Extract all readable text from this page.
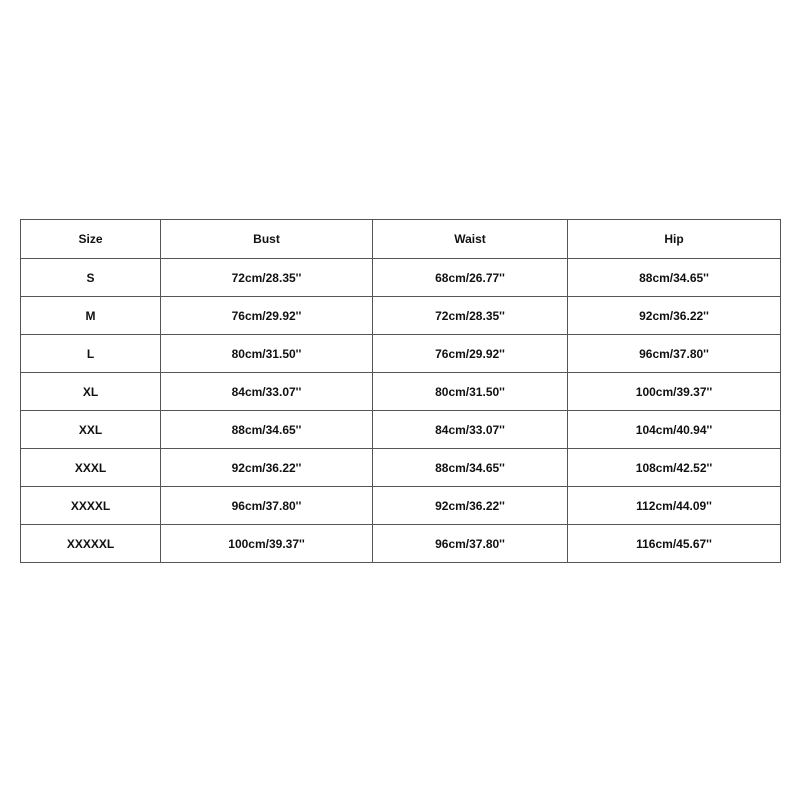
Size	Bust	Waist	Hip
S	72cm/28.35''	68cm/26.77''	88cm/34.65''
M	76cm/29.92''	72cm/28.35''	92cm/36.22''
L	80cm/31.50''	76cm/29.92''	96cm/37.80''
XL	84cm/33.07''	80cm/31.50''	100cm/39.37''
XXL	88cm/34.65''	84cm/33.07''	104cm/40.94''
XXXL	92cm/36.22''	88cm/34.65''	108cm/42.52''
XXXXL	96cm/37.80''	92cm/36.22''	112cm/44.09''
XXXXXL	100cm/39.37''	96cm/37.80''	116cm/45.67''
